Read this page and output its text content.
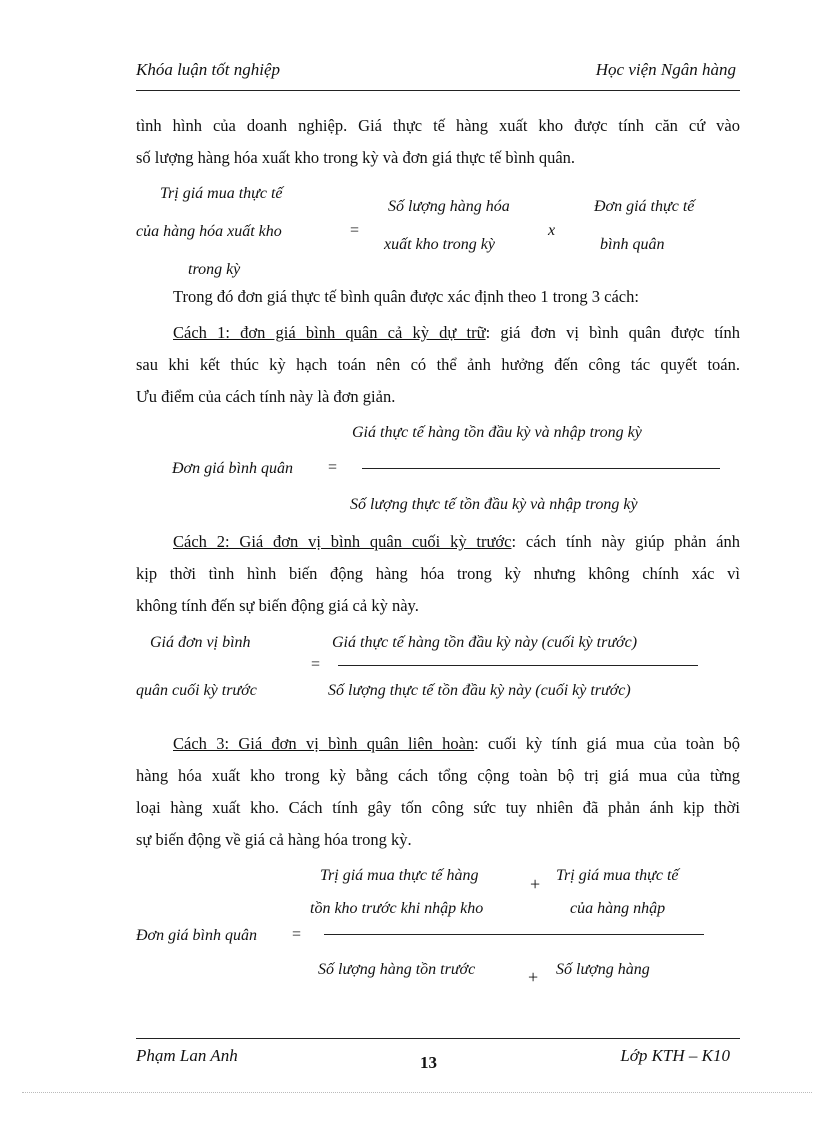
Khóa luận tốt nghiệp	Học viện Ngân hàng
tình hình của doanh nghiệp. Giá thực tế hàng xuất kho được tính căn cứ vào
số lượng hàng hóa xuất kho trong kỳ và đơn giá thực tế bình quân.
Trị giá mua thực tế
của hàng hóa xuất kho
trong kỳ
=
Số lượng hàng hóa
xuất kho trong kỳ
x
Đơn giá thực tế
bình quân
Trong đó đơn giá thực tế bình quân được xác định theo 1 trong 3 cách:
Cách 1: đơn giá bình quân cả kỳ dự trữ: giá đơn vị bình quân được tính
sau khi kết thúc kỳ hạch toán nên có thể ảnh hưởng đến công tác quyết toán.
Ưu điểm của cách tính này là đơn giản.
Giá thực tế hàng tồn đầu kỳ và nhập trong kỳ
Đơn giá bình quân =
Số lượng thực tế tồn đầu kỳ và nhập trong kỳ
Cách 2: Giá đơn vị bình quân cuối kỳ trước: cách tính này giúp phản ánh
kịp thời tình hình biến động hàng hóa trong kỳ nhưng không chính xác vì
không tính đến sự biến động giá cả kỳ này.
Giá đơn vị bình	Giá thực tế hàng tồn đầu kỳ này (cuối kỳ trước)
=
quân cuối kỳ trước	Số lượng thực tế tồn đầu kỳ này (cuối kỳ trước)
Cách 3: Giá đơn vị bình quân liên hoàn: cuối kỳ tính giá mua của toàn bộ
hàng hóa xuất kho trong kỳ bằng cách tổng cộng toàn bộ trị giá mua của từng
loại hàng xuất kho. Cách tính gây tốn công sức tuy nhiên đã phản ánh kịp thời
sự biến động về giá cả hàng hóa trong kỳ.
Trị giá mua thực tế hàng	+ Trị giá mua thực tế
tồn kho trước khi nhập kho	của hàng nhập
Đơn giá bình quân =
Số lượng hàng tồn trước	+ Số lượng hàng
Phạm Lan Anh	13	Lớp KTH – K10
